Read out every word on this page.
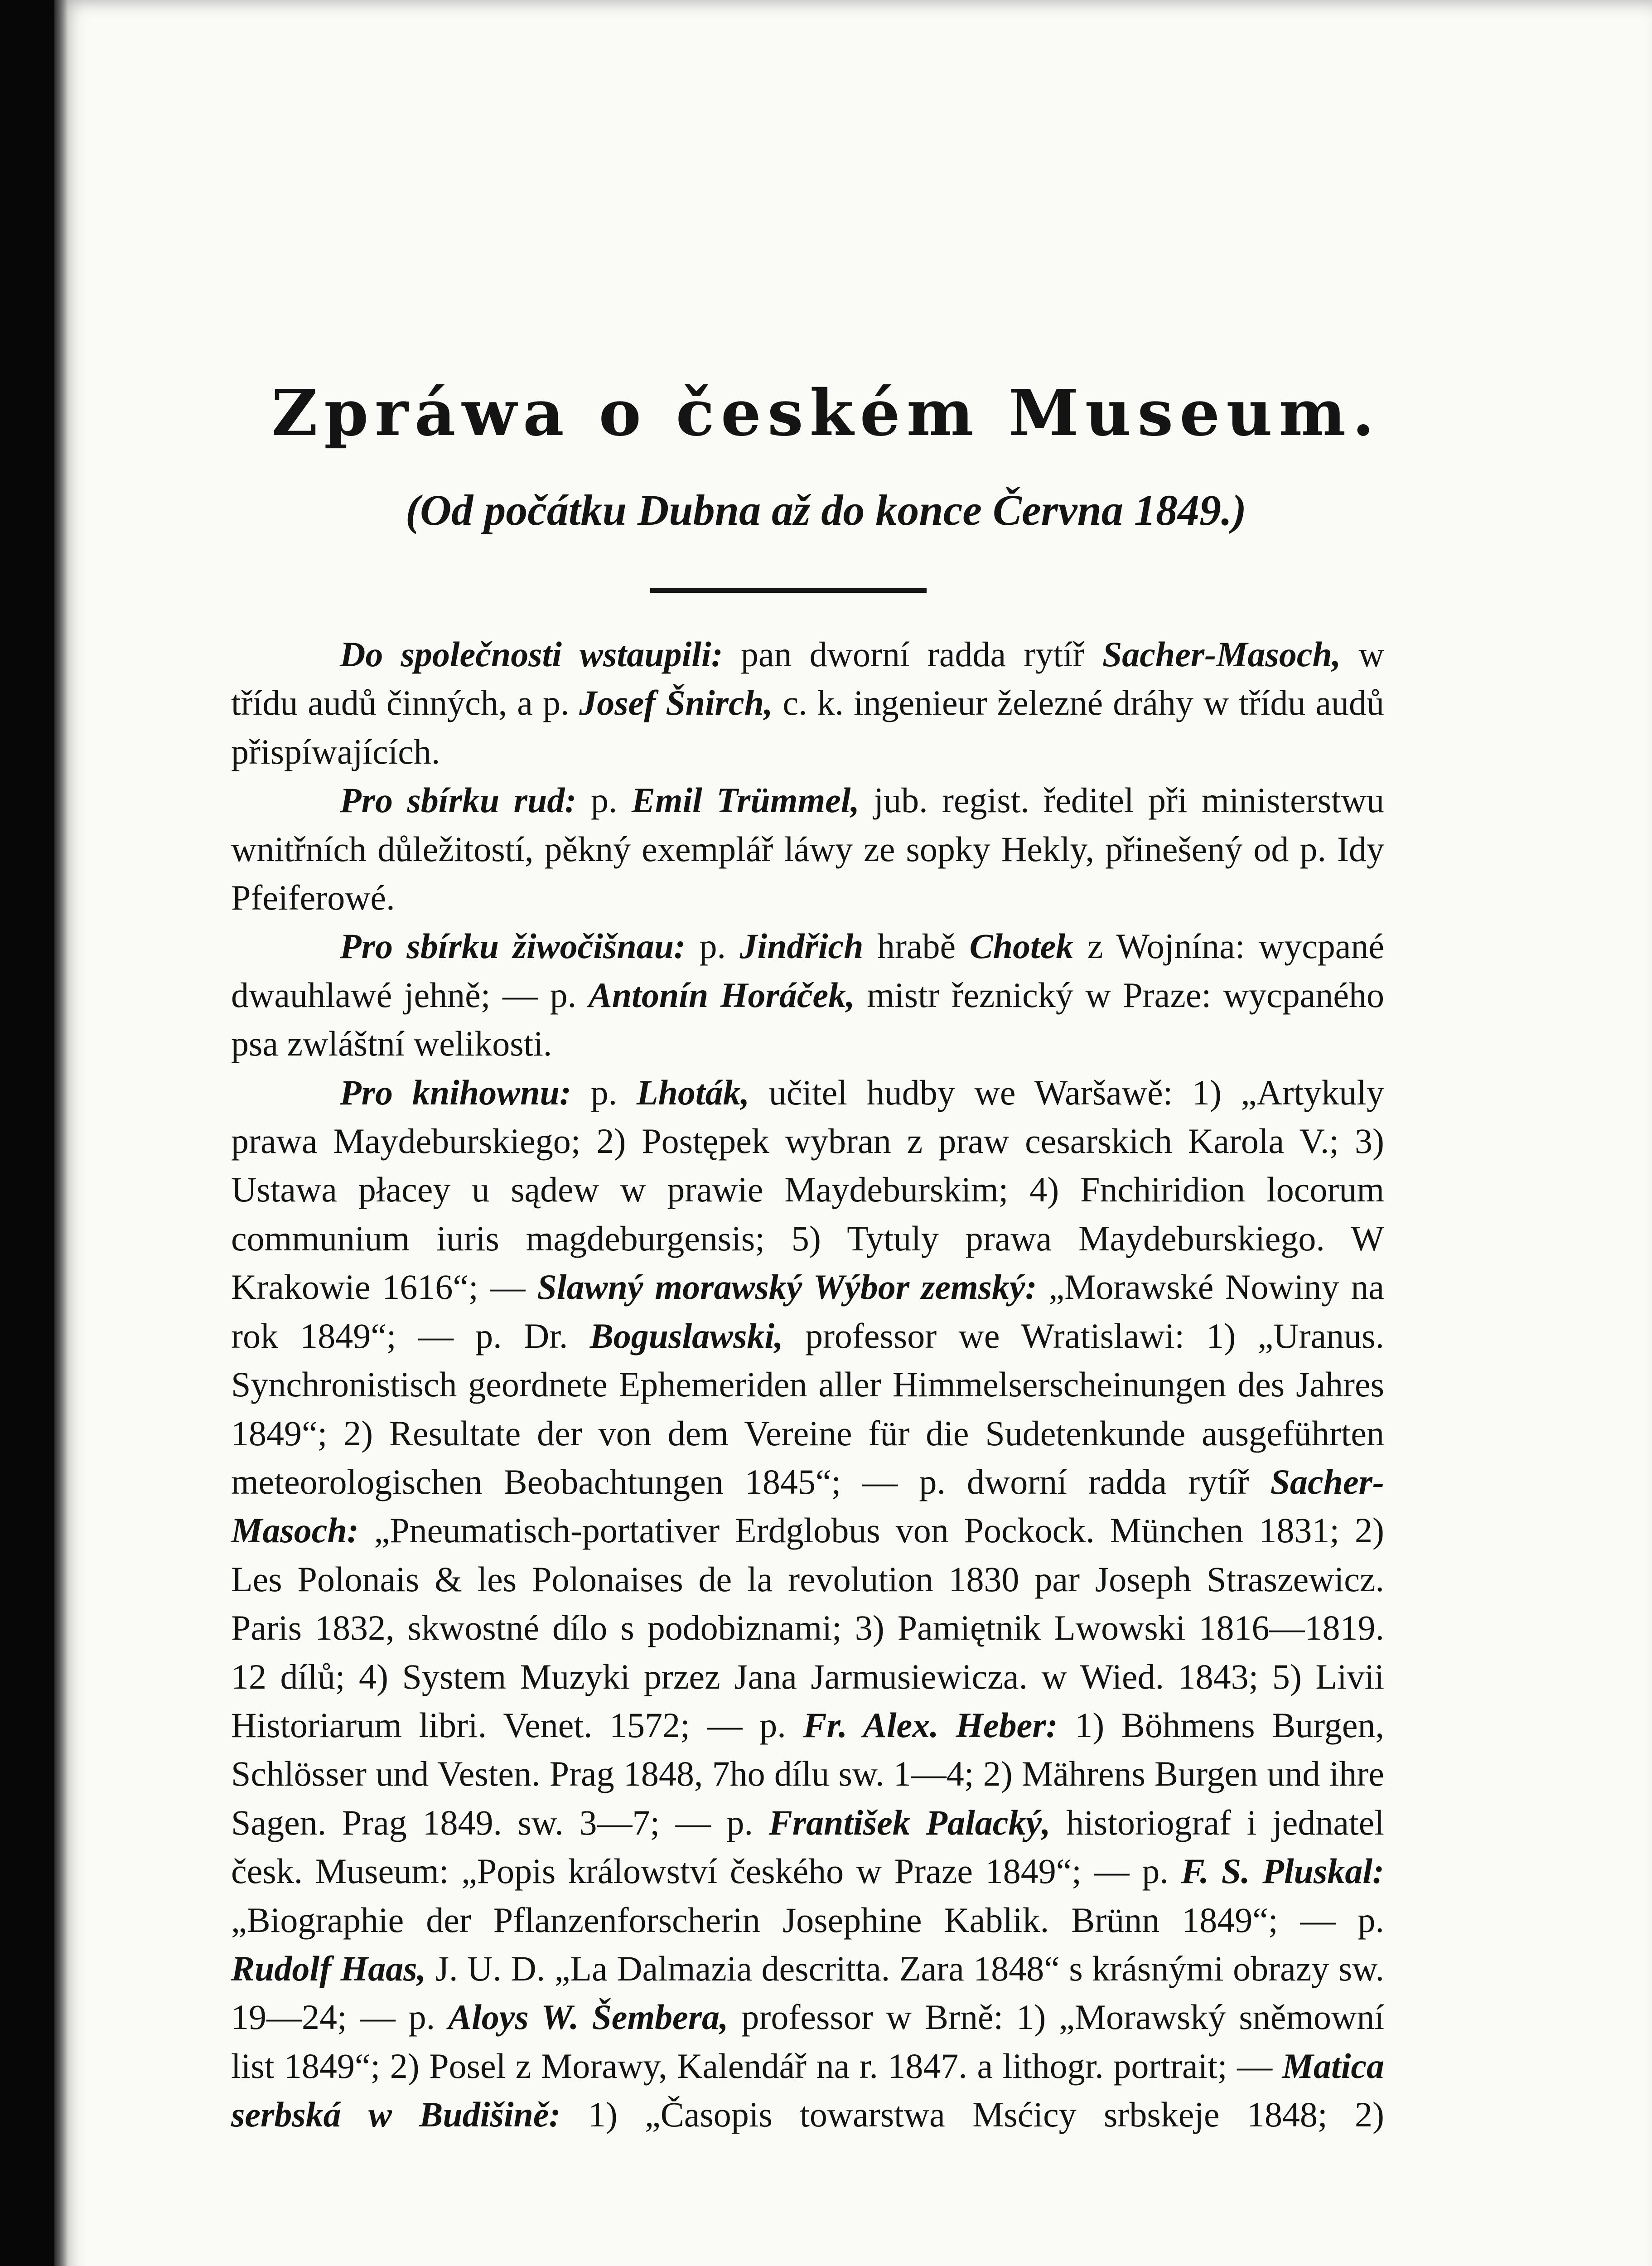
Zpráwa o českém Museum.
(Od počátku Dubna až do konce Června 1849.)

Do společnosti wstaupili: pan dworní radda rytíř Sacher-Masoch, w třídu audů činných, a p. Josef Šnirch, c. k. ingenieur železné dráhy w třídu audů přispíwajících.

Pro sbírku rud: p. Emil Trümmel, jub. regist. ředitel při ministerstwu wnitřních důležitostí, pěkný exemplář láwy ze sopky Hekly, přinešený od p. Idy Pfeiferowé.

Pro sbírku žiwočišnau: p. Jindřich hrabě Chotek z Wojnína: wycpané dwauhlawé jehně; — p. Antonín Horáček, mistr řeznický w Praze: wycpaného psa zwláštní welikosti.

Pro knihownu: p. Lhoták, učitel hudby we Waršawě: 1) „Artykuly prawa Maydeburskiego; 2) Postępek wybran z praw cesarskich Karola V.; 3) Ustawa płacey u sądew w prawie Maydeburskim; 4) Fnchiridion locorum communium iuris magdeburgensis; 5) Tytuly prawa Maydeburskiego. W Krakowie 1616“; — Slawný morawský Wýbor zemský: „Morawské Nowiny na rok 1849“; — p. Dr. Boguslawski, professor we Wratislawi: 1) „Uranus. Synchronistisch geordnete Ephemeriden aller Himmelserscheinungen des Jahres 1849“; 2) Resultate der von dem Vereine für die Sudetenkunde ausgeführten meteorologischen Beobachtungen 1845“; — p. dworní radda rytíř Sacher-Masoch: „Pneumatisch-portativer Erdglobus von Pockock. München 1831; 2) Les Polonais & les Polonaises de la revolution 1830 par Joseph Straszewicz. Paris 1832, skwostné dílo s podobiznami; 3) Pamiętnik Lwowski 1816—1819. 12 dílů; 4) System Muzyki przez Jana Jarmusiewicza. w Wied. 1843; 5) Livii Historiarum libri. Venet. 1572; — p. Fr. Alex. Heber: 1) Böhmens Burgen, Schlösser und Vesten. Prag 1848, 7ho dílu sw. 1—4; 2) Mährens Burgen und ihre Sagen. Prag 1849. sw. 3—7; — p. František Palacký, historiograf i jednatel česk. Museum: „Popis králowství českého w Praze 1849“; — p. F. S. Pluskal: „Biographie der Pflanzenforscherin Josephine Kablik. Brünn 1849“; — p. Rudolf Haas, J. U. D. „La Dalmazia descritta. Zara 1848“ s krásnými obrazy sw. 19—24; — p. Aloys W. Šembera, professor w Brně: 1) „Morawský sněmowní list 1849“; 2) Posel z Morawy, Kalendář na r. 1847. a lithogr. portrait; — Matica serbská w Budišině: 1) „Časopis towarstwa Msćicy srbskeje 1848; 2)
